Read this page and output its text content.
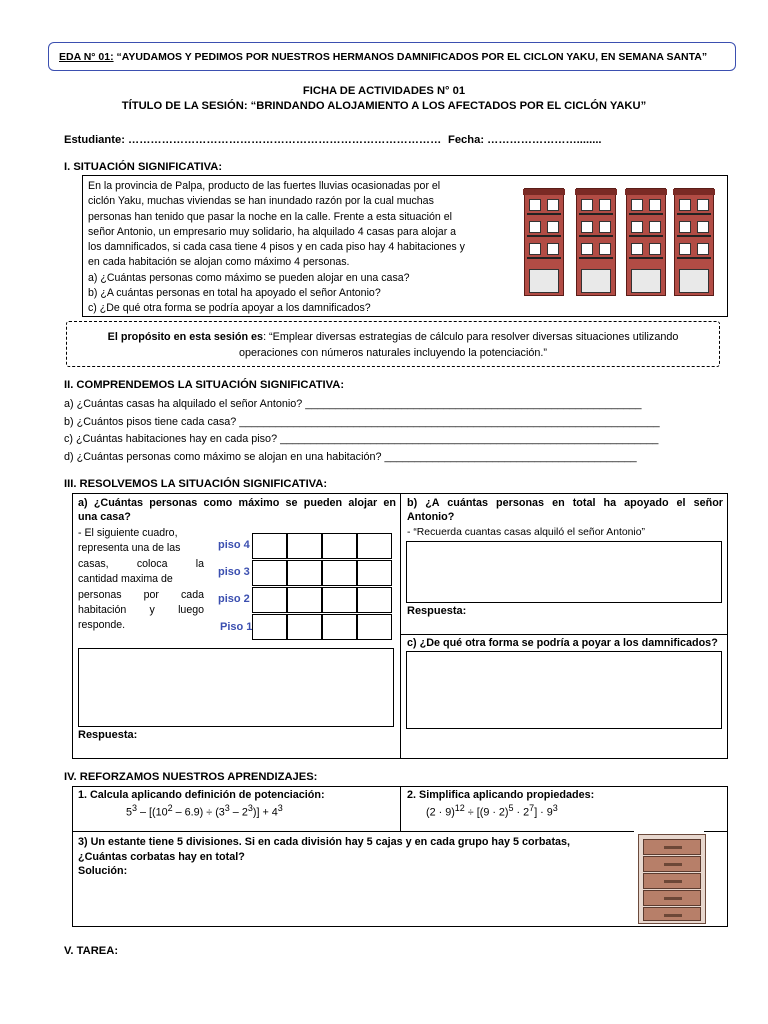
EDA N° 01: “AYUDAMOS Y PEDIMOS POR NUESTROS HERMANOS DAMNIFICADOS POR EL CICLON YAKU, EN SEMANA SANTA”
FICHA DE ACTIVIDADES N° 01
TÍTULO DE LA SESIÓN: “BRINDANDO ALOJAMIENTO A LOS AFECTADOS POR EL CICLÓN YAKU”
Estudiante: ………………………………………………………………………… Fecha: ……………………........
I. SITUACIÓN SIGNIFICATIVA:
En la provincia de Palpa, producto de las fuertes lluvias ocasionadas por el
ciclón Yaku, muchas viviendas se han inundado razón por la cual muchas
personas han tenido que pasar la noche en la calle. Frente a esta situación el
señor Antonio, un empresario muy solidario, ha alquilado 4 casas para alojar a
los damnificados, si cada casa tiene 4 pisos y en cada piso hay 4 habitaciones y
en cada habitación se alojan como máximo 4 personas.
a) ¿Cuántas personas como máximo se pueden alojar en una casa?
b) ¿A cuántas personas en total ha apoyado el señor Antonio?
c) ¿De qué otra forma se podría apoyar a los damnificados?
El propósito en esta sesión es: “Emplear diversas estrategias de cálculo para resolver diversas situaciones utilizando
operaciones con números naturales incluyendo la potenciación.”
II. COMPRENDEMOS LA SITUACIÓN SIGNIFICATIVA:
a) ¿Cuántas casas ha alquilado el señor Antonio? ________________________________________________________
b) ¿Cuántos pisos tiene cada casa? ______________________________________________________________________
c) ¿Cuántas habitaciones hay en cada piso? _______________________________________________________________
d) ¿Cuántas personas como máximo se alojan en una habitación? __________________________________________
III. RESOLVEMOS LA SITUACIÓN SIGNIFICATIVA:
a) ¿Cuántas personas como máximo se pueden alojar en
una casa?
- El siguiente cuadro,
representa una de las
casas, coloca la
cantidad maxima de
personas por cada
habitación y luego
responde.
piso 4
piso 3
piso 2
Piso 1
Respuesta:
b) ¿A cuántas personas en total ha apoyado el señor
Antonio?
- “Recuerda cuantas casas alquiló el señor Antonio”
Respuesta:
c) ¿De qué otra forma se podría a poyar a los damnificados?
IV. REFORZAMOS NUESTROS APRENDIZAJES:
1. Calcula aplicando definición de potenciación:
$5^3 - [(10^2 - 6.9) \div (3^3 - 2^3)] + 4^3$
2. Simplifica aplicando propiedades:
$(2 \cdot 9)^{12} \div [(9 \cdot 2)^5 \cdot 2^7] \cdot 9^3$
3) Un estante tiene 5 divisiones. Si en cada división hay 5 cajas y en cada grupo hay 5 corbatas,
¿Cuántas corbatas hay en total?
Solución:
V. TAREA:
